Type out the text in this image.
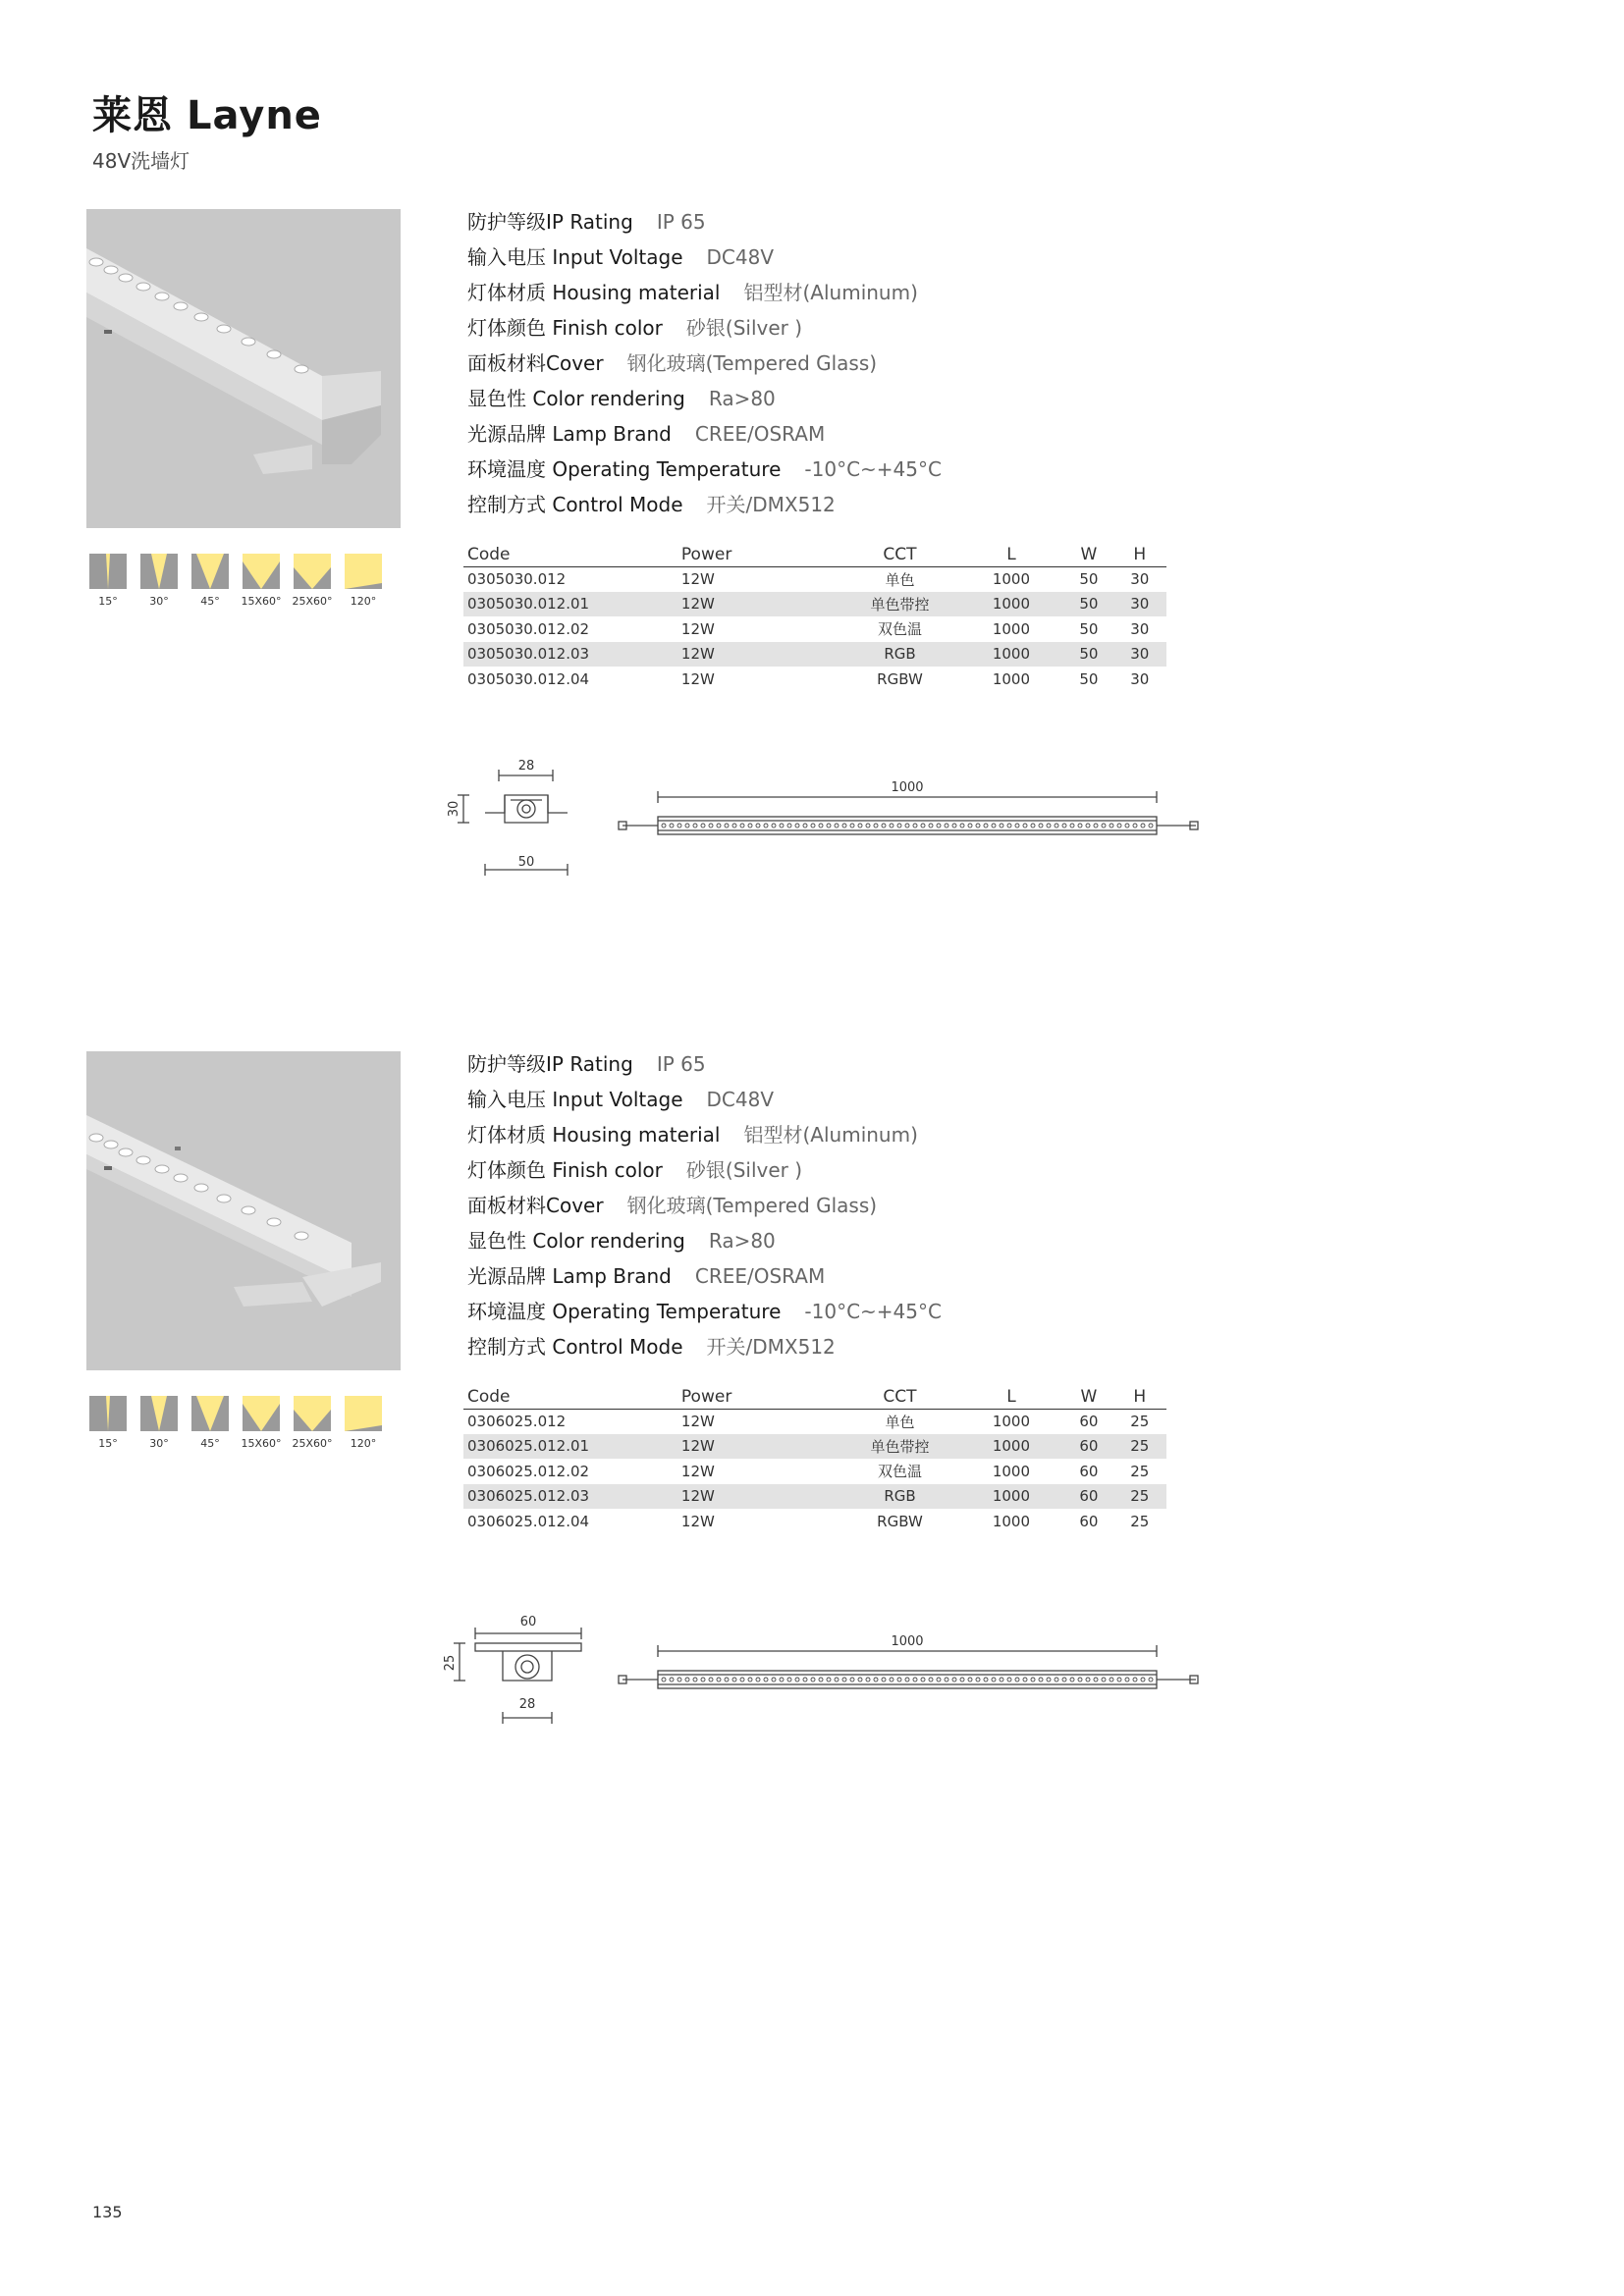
莱恩 Layne
48V洗墙灯
15°	30°	45° 15X60° 25X60° 120°
防护等级IP Rating IP 65
输入电压 Input Voltage DC48V
灯体材质 Housing material 铝型材(Aluminum)
灯体颜色 Finish color 砂银(Silver )
面板材料Cover 钢化玻璃(Tempered Glass)
显色性 Color rendering Ra>80
光源品牌 Lamp Brand CREE/OSRAM
环境温度 Operating Temperature -10°C~+45°C
控制方式 Control Mode 开关/DMX512
Code	Power	CCT	L	W	H
0305030.012	12W	单色	1000	50	30
0305030.012.01	12W	单色带控	1000	50	30
0305030.012.02	12W	双色温	1000	50	30
0305030.012.03	12W	RGB	1000	50	30
0305030.012.04	12W	RGBW	1000	50	30
28
50
1000
30
15°	30°	45° 15X60° 25X60° 120°
防护等级IP Rating IP 65
输入电压 Input Voltage DC48V
灯体材质 Housing material 铝型材(Aluminum)
灯体颜色 Finish color 砂银(Silver )
面板材料Cover 钢化玻璃(Tempered Glass)
显色性 Color rendering Ra>80
光源品牌 Lamp Brand CREE/OSRAM
环境温度 Operating Temperature -10°C~+45°C
控制方式 Control Mode 开关/DMX512
Code	Power	CCT	L	W	H
0306025.012	12W	单色	1000	60	25
0306025.012.01	12W	单色带控	1000	60	25
0306025.012.02	12W	双色温	1000	60	25
0306025.012.03	12W	RGB	1000	60	25
0306025.012.04	12W	RGBW	1000	60	25
60
28
1000
25
135
